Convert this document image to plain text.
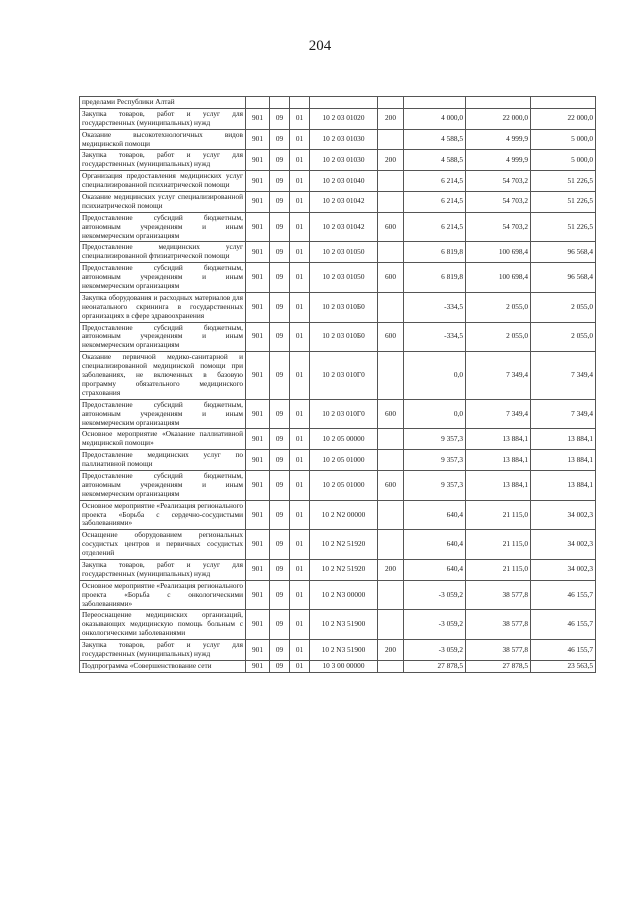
204
пределами Республики Алтай								
Закупка товаров, работ и услуг для государственных (муниципальных) нужд	901	09	01	10 2 03 01020	200	4 000,0	22 000,0	22 000,0
Оказание высокотехнологичных видов медицинской помощи	901	09	01	10 2 03 01030		4 588,5	4 999,9	5 000,0
Закупка товаров, работ и услуг для государственных (муниципальных) нужд	901	09	01	10 2 03 01030	200	4 588,5	4 999,9	5 000,0
Организация предоставления медицинских услуг специализированной психиатрической помощи	901	09	01	10 2 03 01040		6 214,5	54 703,2	51 226,5
Оказание медицинских услуг специализированной психиатрической помощи	901	09	01	10 2 03 01042		6 214,5	54 703,2	51 226,5
Предоставление субсидий бюджетным, автономным учреждениям и иным некоммерческим организациям	901	09	01	10 2 03 01042	600	6 214,5	54 703,2	51 226,5
Предоставление медицинских услуг специализированной фтизиатрической помощи	901	09	01	10 2 03 01050		6 819,8	100 698,4	96 568,4
Предоставление субсидий бюджетным, автономным учреждениям и иным некоммерческим организациям	901	09	01	10 2 03 01050	600	6 819,8	100 698,4	96 568,4
Закупка оборудования и расходных материалов для неонатального скрининга в государственных организациях в сфере здравоохранения	901	09	01	10 2 03 010Б0		-334,5	2 055,0	2 055,0
Предоставление субсидий бюджетным, автономным учреждениям и иным некоммерческим организациям	901	09	01	10 2 03 010Б0	600	-334,5	2 055,0	2 055,0
Оказание первичной медико-санитарной и специализированной медицинской помощи при заболеваниях, не включенных в базовую программу обязательного медицинского страхования	901	09	01	10 2 03 010Г0		0,0	7 349,4	7 349,4
Предоставление субсидий бюджетным, автономным учреждениям и иным некоммерческим организациям	901	09	01	10 2 03 010Г0	600	0,0	7 349,4	7 349,4
Основное мероприятие «Оказание паллиативной медицинской помощи»	901	09	01	10 2 05 00000		9 357,3	13 884,1	13 884,1
Предоставление медицинских услуг по паллиативной помощи	901	09	01	10 2 05 01000		9 357,3	13 884,1	13 884,1
Предоставление субсидий бюджетным, автономным учреждениям и иным некоммерческим организациям	901	09	01	10 2 05 01000	600	9 357,3	13 884,1	13 884,1
Основное мероприятие «Реализация регионального проекта «Борьба с сердечно-сосудистыми заболеваниями»	901	09	01	10 2 N2 00000		640,4	21 115,0	34 002,3
Оснащение оборудованием региональных сосудистых центров и первичных сосудистых отделений	901	09	01	10 2 N2 51920		640,4	21 115,0	34 002,3
Закупка товаров, работ и услуг для государственных (муниципальных) нужд	901	09	01	10 2 N2 51920	200	640,4	21 115,0	34 002,3
Основное мероприятие «Реализация регионального проекта «Борьба с онкологическими заболеваниями»	901	09	01	10 2 N3 00000		-3 059,2	38 577,8	46 155,7
Переоснащение медицинских организаций, оказывающих медицинскую помощь больным с онкологическими заболеваниями	901	09	01	10 2 N3 51900		-3 059,2	38 577,8	46 155,7
Закупка товаров, работ и услуг для государственных (муниципальных) нужд	901	09	01	10 2 N3 51900	200	-3 059,2	38 577,8	46 155,7
Подпрограмма «Совершенствование сети	901	09	01	10 3 00 00000		27 878,5	27 878,5	23 563,5
